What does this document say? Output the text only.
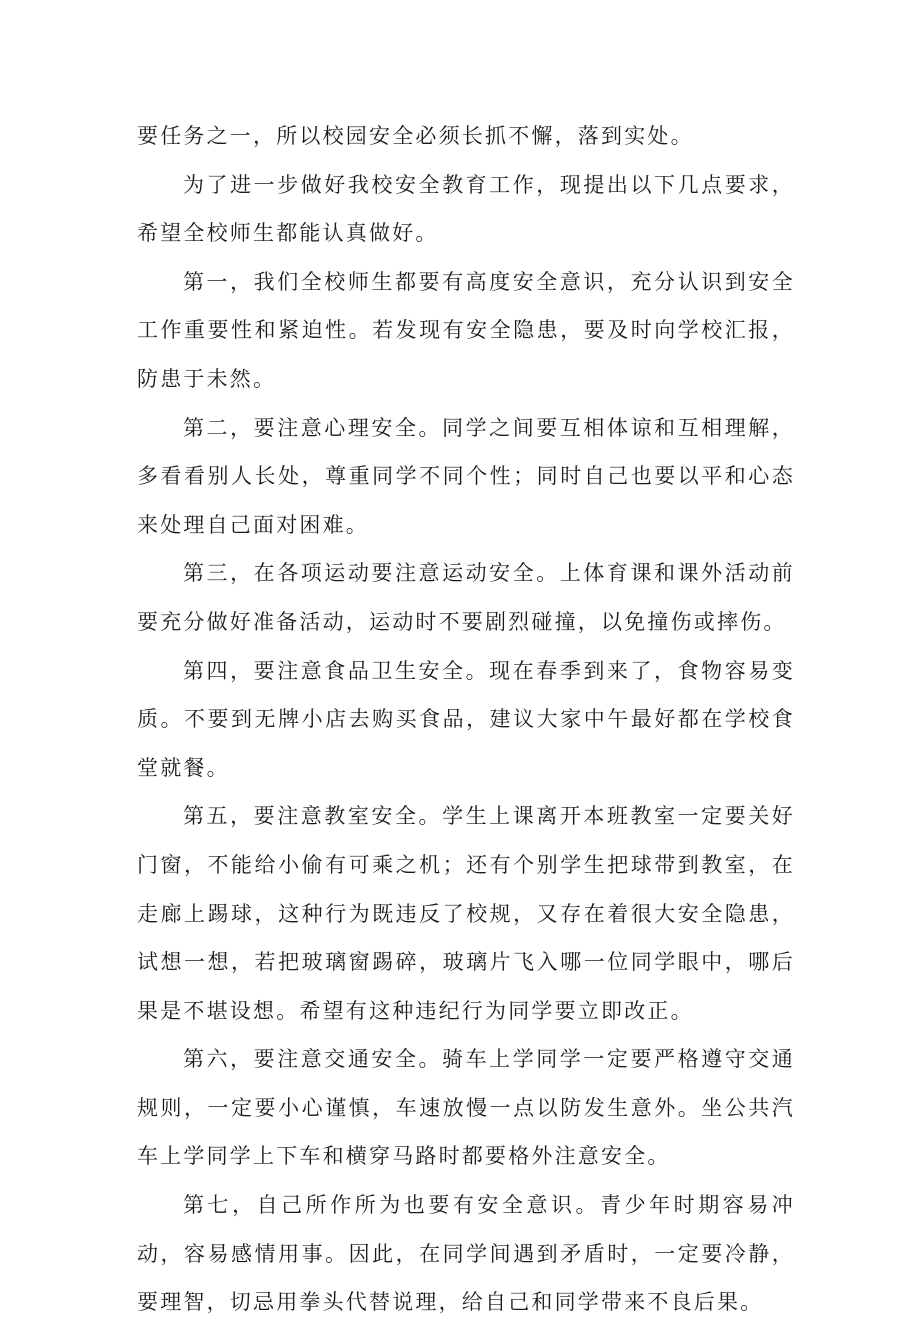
要任务之一，所以校园安全必须长抓不懈，落到实处。

为了进一步做好我校安全教育工作，现提出以下几点要求，希望全校师生都能认真做好。

第一，我们全校师生都要有高度安全意识，充分认识到安全工作重要性和紧迫性。若发现有安全隐患，要及时向学校汇报，防患于未然。

第二，要注意心理安全。同学之间要互相体谅和互相理解，多看看别人长处，尊重同学不同个性；同时自己也要以平和心态来处理自己面对困难。

第三，在各项运动要注意运动安全。上体育课和课外活动前要充分做好准备活动，运动时不要剧烈碰撞，以免撞伤或摔伤。

第四，要注意食品卫生安全。现在春季到来了，食物容易变质。不要到无牌小店去购买食品，建议大家中午最好都在学校食堂就餐。

第五，要注意教室安全。学生上课离开本班教室一定要关好门窗，不能给小偷有可乘之机；还有个别学生把球带到教室，在走廊上踢球，这种行为既违反了校规，又存在着很大安全隐患，试想一想，若把玻璃窗踢碎，玻璃片飞入哪一位同学眼中，哪后果是不堪设想。希望有这种违纪行为同学要立即改正。

第六，要注意交通安全。骑车上学同学一定要严格遵守交通规则，一定要小心谨慎，车速放慢一点以防发生意外。坐公共汽车上学同学上下车和横穿马路时都要格外注意安全。

第七，自己所作所为也要有安全意识。青少年时期容易冲动，容易感情用事。因此，在同学间遇到矛盾时，一定要冷静，要理智，切忌用拳头代替说理，给自己和同学带来不良后果。
